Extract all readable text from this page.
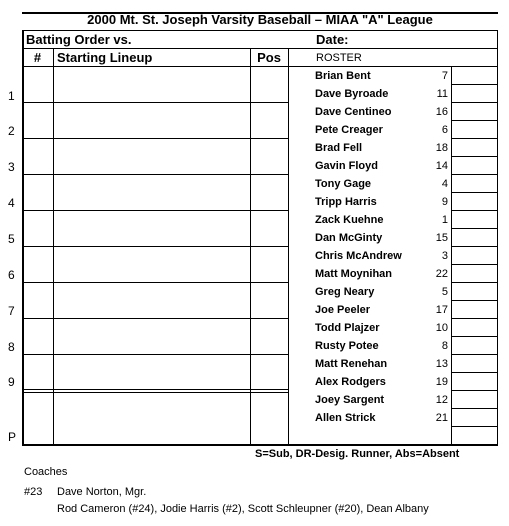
2000 Mt. St. Joseph Varsity Baseball – MIAA "A" League
Batting Order vs.	Date:
#	Starting Lineup	Pos	ROSTER
1
2
3
4
5
6
7
8
9
P
Brian Bent	7
Dave Byroade	11
Dave Centineo	16
Pete Creager	6
Brad Fell	18
Gavin Floyd	14
Tony Gage	4
Tripp Harris	9
Zack Kuehne	1
Dan McGinty	15
Chris McAndrew	3
Matt Moynihan	22
Greg Neary	5
Joe Peeler	17
Todd Plajzer	10
Rusty Potee	8
Matt Renehan	13
Alex Rodgers	19
Joey Sargent	12
Allen Strick	21
S=Sub, DR-Desig. Runner, Abs=Absent
Coaches
#23 Dave Norton, Mgr.
Rod Cameron (#24), Jodie Harris (#2), Scott Schleupner (#20), Dean Albany
